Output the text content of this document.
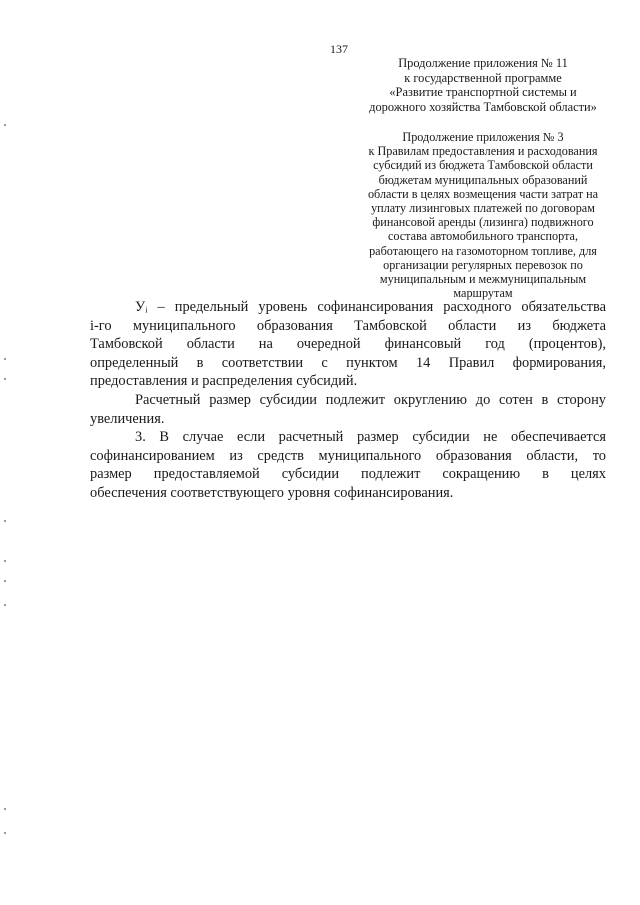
137
Продолжение приложения № 11
к государственной программе
«Развитие транспортной системы и
дорожного хозяйства Тамбовской области»
Продолжение приложения № 3
к Правилам предоставления и расходования
субсидий из бюджета Тамбовской области
бюджетам муниципальных образований
области в целях возмещения части затрат на
уплату лизинговых платежей по договорам
финансовой аренды (лизинга) подвижного
состава автомобильного транспорта,
работающего на газомоторном топливе, для
организации регулярных перевозок по
муниципальным и межмуниципальным
маршрутам

Уᵢ – предельный уровень софинансирования расходного обязательства

i-го муниципального образования Тамбовской области из бюджета

Тамбовской области на очередной финансовый год (процентов),

определенный в соответствии с пунктом 14 Правил формирования,

предоставления и распределения субсидий.

Расчетный размер субсидии подлежит округлению до сотен в сторону

увеличения.

3. В случае если расчетный размер субсидии не обеспечивается

софинансированием из средств муниципального образования области, то

размер предоставляемой субсидии подлежит сокращению в целях

обеспечения соответствующего уровня софинансирования.
